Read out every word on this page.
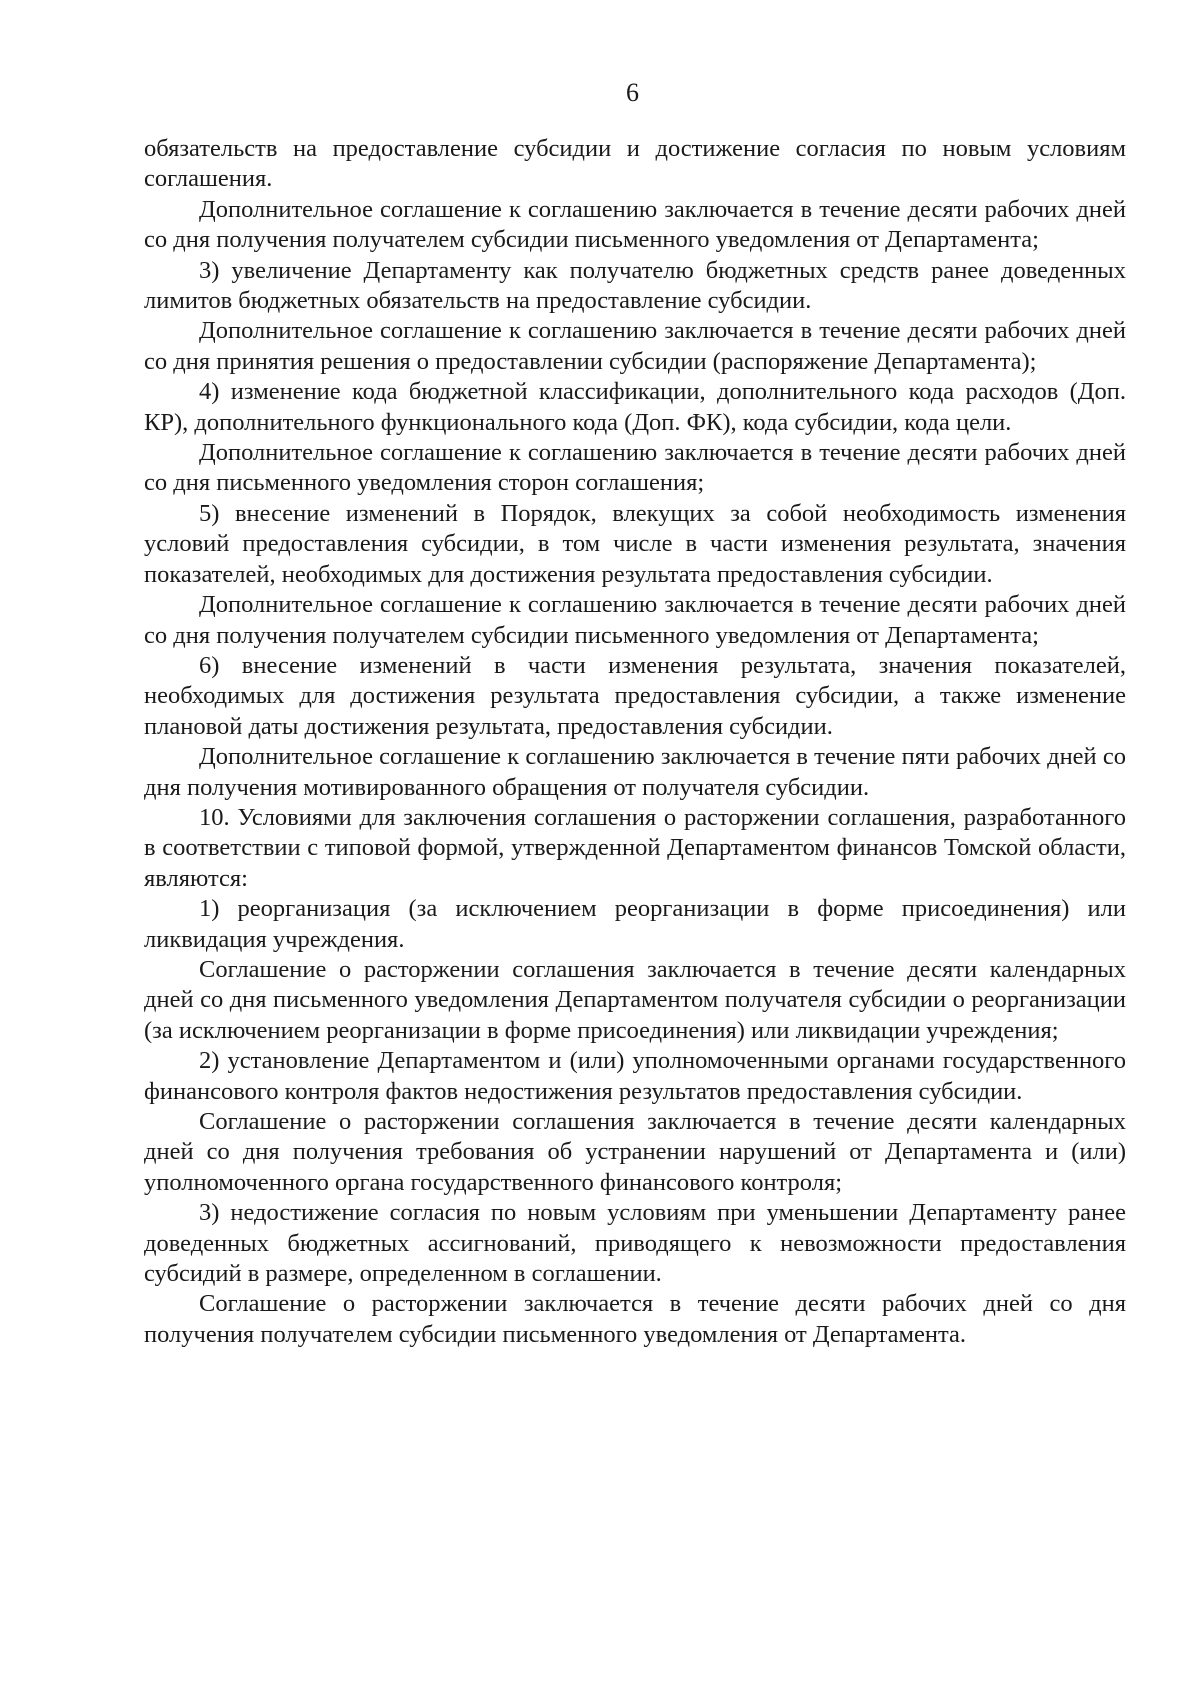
6

обязательств на предоставление субсидии и достижение согласия по новым условиям соглашения.

Дополнительное соглашение к соглашению заключается в течение десяти рабочих дней со дня получения получателем субсидии письменного уведомления от Департамента;

3) увеличение Департаменту как получателю бюджетных средств ранее доведенных лимитов бюджетных обязательств на предоставление субсидии.

Дополнительное соглашение к соглашению заключается в течение десяти рабочих дней со дня принятия решения о предоставлении субсидии (распоряжение Департамента);

4) изменение кода бюджетной классификации, дополнительного кода расходов (Доп. КР), дополнительного функционального кода (Доп. ФК), кода субсидии, кода цели.

Дополнительное соглашение к соглашению заключается в течение десяти рабочих дней со дня письменного уведомления сторон соглашения;

5) внесение изменений в Порядок, влекущих за собой необходимость изменения условий предоставления субсидии, в том числе в части изменения результата, значения показателей, необходимых для достижения результата предоставления субсидии.

Дополнительное соглашение к соглашению заключается в течение десяти рабочих дней со дня получения получателем субсидии письменного уведомления от Департамента;

6) внесение изменений в части изменения результата, значения показателей, необходимых для достижения результата предоставления субсидии, а также изменение плановой даты достижения результата, предоставления субсидии.

Дополнительное соглашение к соглашению заключается в течение пяти рабочих дней со дня получения мотивированного обращения от получателя субсидии.

10. Условиями для заключения соглашения о расторжении соглашения, разработанного в соответствии с типовой формой, утвержденной Департаментом финансов Томской области, являются:

1) реорганизация (за исключением реорганизации в форме присоединения) или ликвидация учреждения.

Соглашение о расторжении соглашения заключается в течение десяти календарных дней со дня письменного уведомления Департаментом получателя субсидии о реорганизации (за исключением реорганизации в форме присоединения) или ликвидации учреждения;

2) установление Департаментом и (или) уполномоченными органами государственного финансового контроля фактов недостижения результатов предоставления субсидии.

Соглашение о расторжении соглашения заключается в течение десяти календарных дней со дня получения требования об устранении нарушений от Департамента и (или) уполномоченного органа государственного финансового контроля;

3) недостижение согласия по новым условиям при уменьшении Департаменту ранее доведенных бюджетных ассигнований, приводящего к невозможности предоставления субсидий в размере, определенном в соглашении.

Соглашение о расторжении заключается в течение десяти рабочих дней со дня получения получателем субсидии письменного уведомления от Департамента.
